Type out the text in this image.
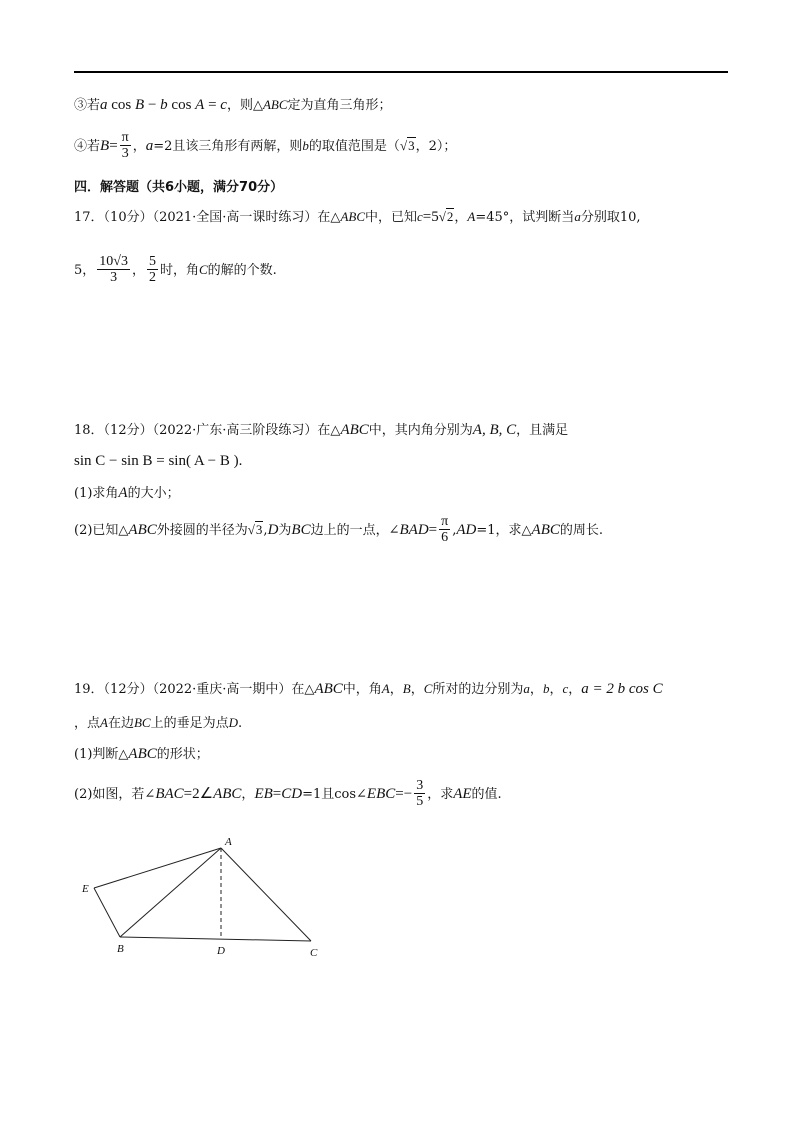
③若a cos B − b cos A = c，则△ABC定为直角三角形；
④若$B= \frac{\pi}{3}$ ，a=2且该三角形有两解，则b的取值范围是（√3，2）；
四．解答题（共6小题，满分70分）
17．（10分）（2021·全国·高一课时练习）在△ABC中，已知c=5√2，A=45°，试判断当a分别取10,
5， $\frac{10√3}{3}$ ， $\frac{5}{2}$ 时，角C的解的个数.
18．（12分）（2022·广东·高三阶段练习）在△ABC中，其内角分别为A, B, C，且满足
sin C − sin B = sin( A − B ).
(1)求角A的大小；
(2)已知△ABC外接圆的半径为√3,D为BC边上的一点，∠BAD= $\frac{\pi}{6} ,AD=1$，求△ABC的周长.
19．（12分）（2022·重庆·高一期中）在△ABC中，角A，B，C所对的边分别为a，b，c，a = 2 b cos C
，点A在边BC上的垂足为点D.
(1)判断△ABC的形状；
(2)如图，若∠BAC=2∠ABC，EB=CD=1且cos∠EBC=− $\frac{3}{5}$ ，求AE的值.
A
E
B	D	C
